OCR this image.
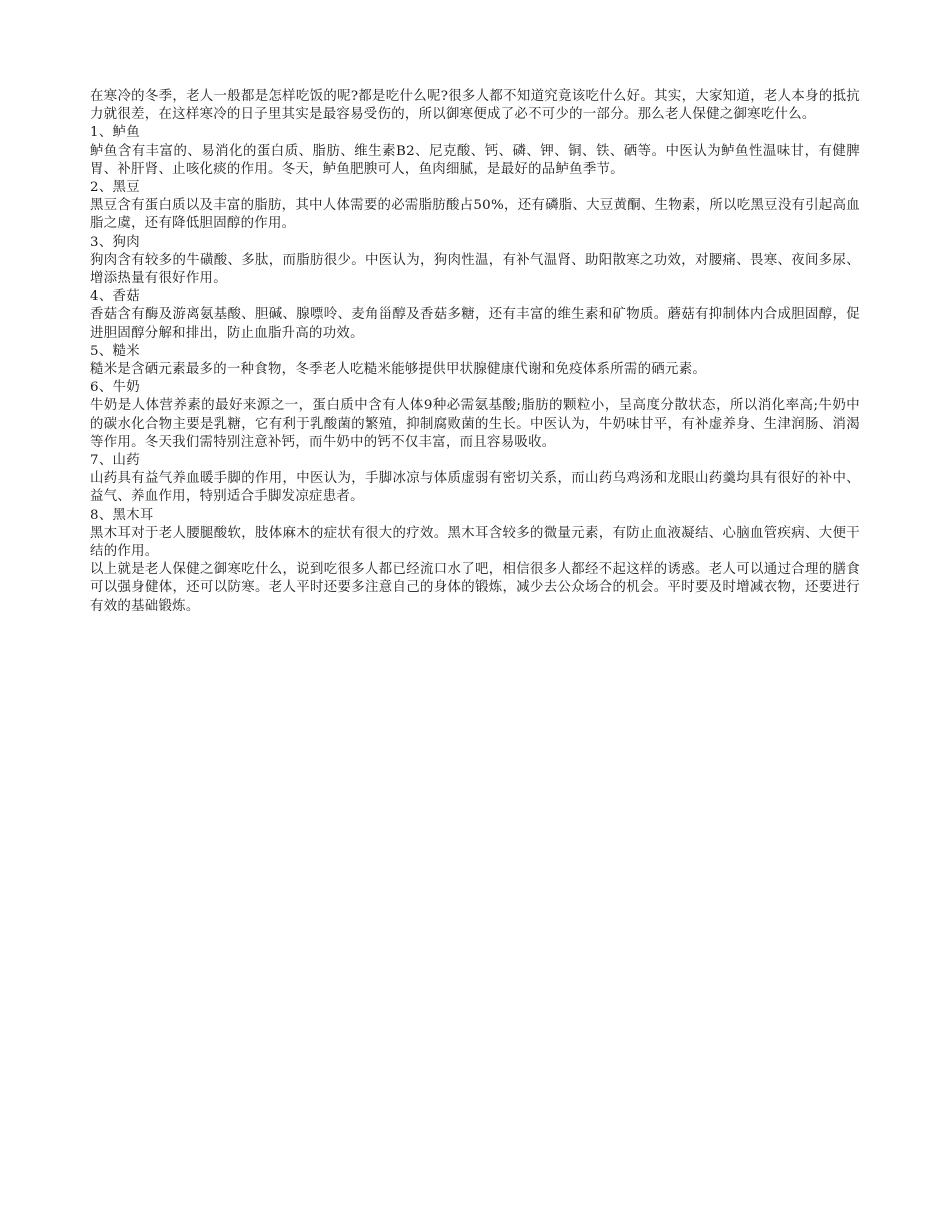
在寒冷的冬季，老人一般都是怎样吃饭的呢?都是吃什么呢?很多人都不知道究竟该吃什么好。其实，大家知道，老人本身的抵抗力就很差，在这样寒冷的日子里其实是最容易受伤的，所以御寒便成了必不可少的一部分。那么老人保健之御寒吃什么。

1、鲈鱼

鲈鱼含有丰富的、易消化的蛋白质、脂肪、维生素B2、尼克酸、钙、磷、钾、铜、铁、硒等。中医认为鲈鱼性温味甘，有健脾胃、补肝肾、止咳化痰的作用。冬天，鲈鱼肥腴可人，鱼肉细腻，是最好的品鲈鱼季节。

2、黑豆

黑豆含有蛋白质以及丰富的脂肪，其中人体需要的必需脂肪酸占50%，还有磷脂、大豆黄酮、生物素，所以吃黑豆没有引起高血脂之虞，还有降低胆固醇的作用。

3、狗肉

狗肉含有较多的牛磺酸、多肽，而脂肪很少。中医认为，狗肉性温，有补气温肾、助阳散寒之功效，对腰痛、畏寒、夜间多尿、增添热量有很好作用。

4、香菇

香菇含有酶及游离氨基酸、胆碱、腺嘌呤、麦角甾醇及香菇多糖，还有丰富的维生素和矿物质。蘑菇有抑制体内合成胆固醇，促进胆固醇分解和排出，防止血脂升高的功效。

5、糙米

糙米是含硒元素最多的一种食物，冬季老人吃糙米能够提供甲状腺健康代谢和免疫体系所需的硒元素。

6、牛奶

牛奶是人体营养素的最好来源之一，蛋白质中含有人体9种必需氨基酸;脂肪的颗粒小，呈高度分散状态，所以消化率高;牛奶中的碳水化合物主要是乳糖，它有利于乳酸菌的繁殖，抑制腐败菌的生长。中医认为，牛奶味甘平，有补虚养身、生津润肠、消渴等作用。冬天我们需特别注意补钙，而牛奶中的钙不仅丰富，而且容易吸收。

7、山药

山药具有益气养血暖手脚的作用，中医认为，手脚冰凉与体质虚弱有密切关系，而山药乌鸡汤和龙眼山药羹均具有很好的补中、益气、养血作用，特别适合手脚发凉症患者。

8、黑木耳

黑木耳对于老人腰腿酸软，肢体麻木的症状有很大的疗效。黑木耳含较多的微量元素，有防止血液凝结、心脑血管疾病、大便干结的作用。

以上就是老人保健之御寒吃什么，说到吃很多人都已经流口水了吧，相信很多人都经不起这样的诱惑。老人可以通过合理的膳食可以强身健体，还可以防寒。老人平时还要多注意自己的身体的锻炼，减少去公众场合的机会。平时要及时增减衣物，还要进行有效的基础锻炼。
